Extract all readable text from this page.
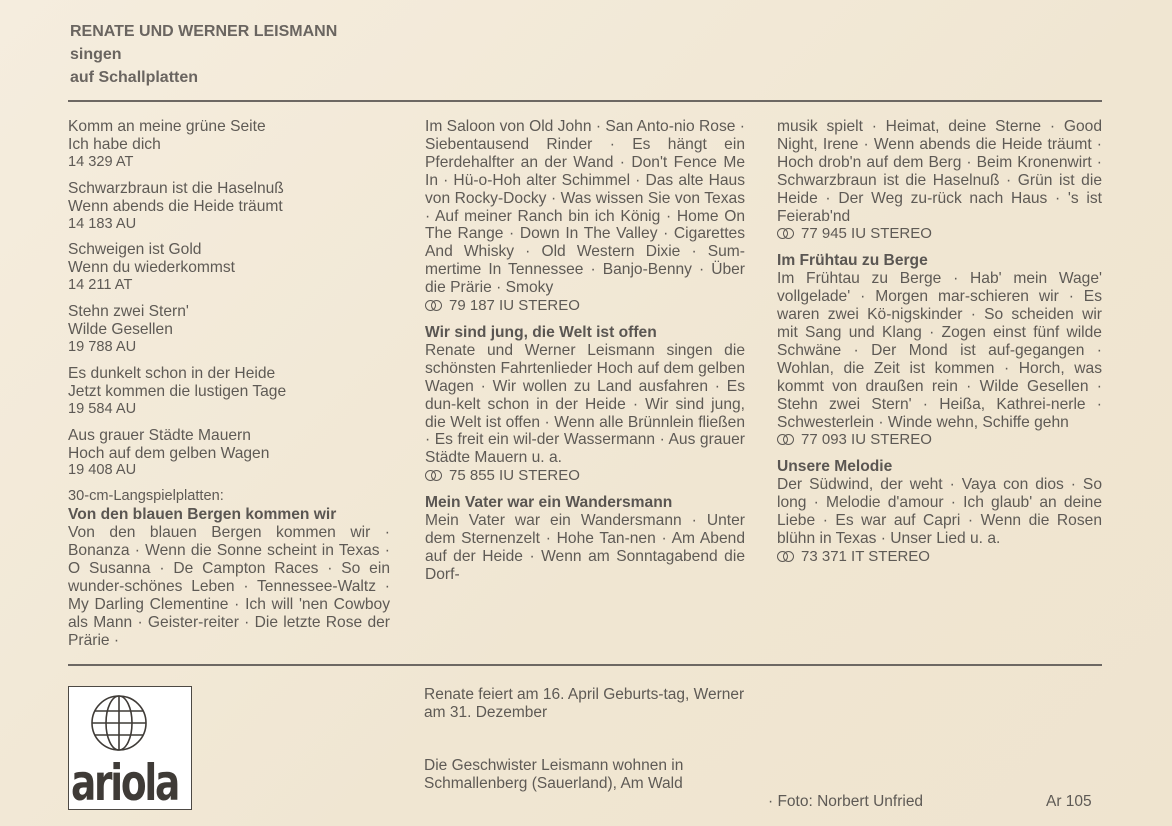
RENATE UND WERNER LEISMANN
singen
auf Schallplatten
Komm an meine grüne Seite
Ich habe dich
14 329 AT
Schwarzbraun ist die Haselnuß
Wenn abends die Heide träumt
14 183 AU
Schweigen ist Gold
Wenn du wiederkommst
14 211 AT
Stehn zwei Stern'
Wilde Gesellen
19 788 AU
Es dunkelt schon in der Heide
Jetzt kommen die lustigen Tage
19 584 AU
Aus grauer Städte Mauern
Hoch auf dem gelben Wagen
19 408 AU
30-cm-Langspielplatten:
Von den blauen Bergen kommen wir
Von den blauen Bergen kommen wir · Bonanza · Wenn die Sonne scheint in Texas · O Susanna · De Campton Races · So ein wunder-schönes Leben · Tennessee-Waltz · My Darling Clementine · Ich will 'nen Cowboy als Mann · Geister-reiter · Die letzte Rose der Prärie ·
Im Saloon von Old John · San Anto-nio Rose · Siebentausend Rinder · Es hängt ein Pferdehalfter an der Wand · Don't Fence Me In · Hü-o-Hoh alter Schimmel · Das alte Haus von Rocky-Docky · Was wissen Sie von Texas · Auf meiner Ranch bin ich König · Home On The Range · Down In The Valley · Cigarettes And Whisky · Old Western Dixie · Sum-mertime In Tennessee · Banjo-Benny · Über die Prärie · Smoky
79 187 IU STEREO
Wir sind jung, die Welt ist offen
Renate und Werner Leismann singen die schönsten Fahrtenlieder Hoch auf dem gelben Wagen · Wir wollen zu Land ausfahren · Es dun-kelt schon in der Heide · Wir sind jung, die Welt ist offen · Wenn alle Brünnlein fließen · Es freit ein wil-der Wassermann · Aus grauer Städte Mauern u. a.
75 855 IU STEREO
Mein Vater war ein Wandersmann
Mein Vater war ein Wandersmann · Unter dem Sternenzelt · Hohe Tan-nen · Am Abend auf der Heide · Wenn am Sonntagabend die Dorf-
musik spielt · Heimat, deine Sterne · Good Night, Irene · Wenn abends die Heide träumt · Hoch drob'n auf dem Berg · Beim Kronenwirt · Schwarzbraun ist die Haselnuß · Grün ist die Heide · Der Weg zu-rück nach Haus · 's ist Feierab'nd
77 945 IU STEREO
Im Frühtau zu Berge
Im Frühtau zu Berge · Hab' mein Wage' vollgelade' · Morgen mar-schieren wir · Es waren zwei Kö-nigskinder · So scheiden wir mit Sang und Klang · Zogen einst fünf wilde Schwäne · Der Mond ist auf-gegangen · Wohlan, die Zeit ist kommen · Horch, was kommt von draußen rein · Wilde Gesellen · Stehn zwei Stern' · Heißa, Kathrei-nerle · Schwesterlein · Winde wehn, Schiffe gehn
77 093 IU STEREO
Unsere Melodie
Der Südwind, der weht · Vaya con dios · So long · Melodie d'amour · Ich glaub' an deine Liebe · Es war auf Capri · Wenn die Rosen blühn in Texas · Unser Lied u. a.
73 371 IT STEREO
ariola
Renate feiert am 16. April Geburts-tag, Werner am 31. Dezember
Die Geschwister Leismann wohnen in Schmallenberg (Sauerland), Am Wald
· Foto: Norbert Unfried	Ar 105
